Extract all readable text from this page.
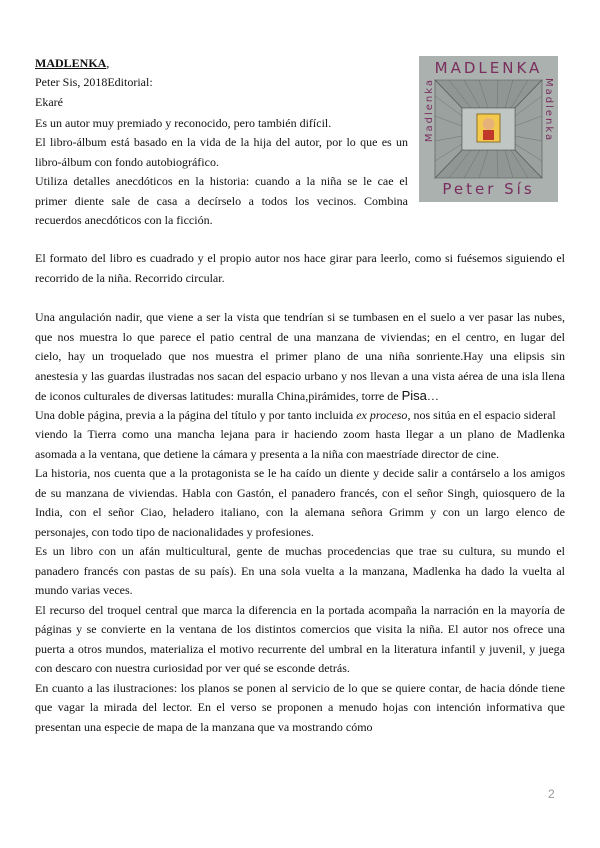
MADLENKA
Peter Sís
Madlenka	Madlenka
MADLENKA,
Peter Sis, 2018Editorial:
Ekaré
Es un autor muy premiado y reconocido, pero también difícil.
El libro-álbum está basado en la vida de la hija del autor, por lo que es un
libro-álbum con fondo autobiográfico.
Utiliza detalles anecdóticos en la historia: cuando a la niña se le cae el
primer diente sale de casa a decírselo a todos los vecinos. Combina
recuerdos anecdóticos con la ficción.
El formato del libro es cuadrado y el propio autor nos hace girar para leerlo, como si fuésemos siguiendo el
recorrido de la niña. Recorrido circular.
Una angulación nadir, que viene a ser la vista que tendrían si se tumbasen en el suelo a ver pasar las nubes,
que nos muestra lo que parece el patio central de una manzana de viviendas; en el centro, en lugar del
cielo, hay un troquelado que nos muestra el primer plano de una niña sonriente.Hay una elipsis sin
anestesia y las guardas ilustradas nos sacan del espacio urbano y nos llevan a una vista aérea de una isla llena
de iconos culturales de diversas latitudes: muralla China,pirámides, torre de Pisa…
Una doble página, previa a la página del título y por tanto incluida ex proceso, nos sitúa en el espacio sideral
viendo la Tierra como una mancha lejana para ir haciendo zoom hasta llegar a un plano de Madlenka
asomada a la ventana, que detiene la cámara y presenta a la niña con maestríade director de cine.
La historia, nos cuenta que a la protagonista se le ha caído un diente y decide salir a contárselo a los amigos
de su manzana de viviendas. Habla con Gastón, el panadero francés, con el señor Singh, quiosquero de la
India, con el señor Ciao, heladero italiano, con la alemana señora Grimm y con un largo elenco de
personajes, con todo tipo de nacionalidades y profesiones.
Es un libro con un afán multicultural, gente de muchas procedencias que trae su cultura, su mundo el
panadero francés con pastas de su país). En una sola vuelta a la manzana, Madlenka ha dado la vuelta al
mundo varias veces.
El recurso del troquel central que marca la diferencia en la portada acompaña la narración en la mayoría de
páginas y se convierte en la ventana de los distintos comercios que visita la niña. El autor nos ofrece una
puerta a otros mundos, materializa el motivo recurrente del umbral en la literatura infantil y juvenil, y juega
con descaro con nuestra curiosidad por ver qué se esconde detrás.
En cuanto a las ilustraciones: los planos se ponen al servicio de lo que se quiere contar, de hacia dónde tiene
que vagar la mirada del lector. En el verso se proponen a menudo hojas con intención informativa que
presentan una especie de mapa de la manzana que va mostrando cómo
2
